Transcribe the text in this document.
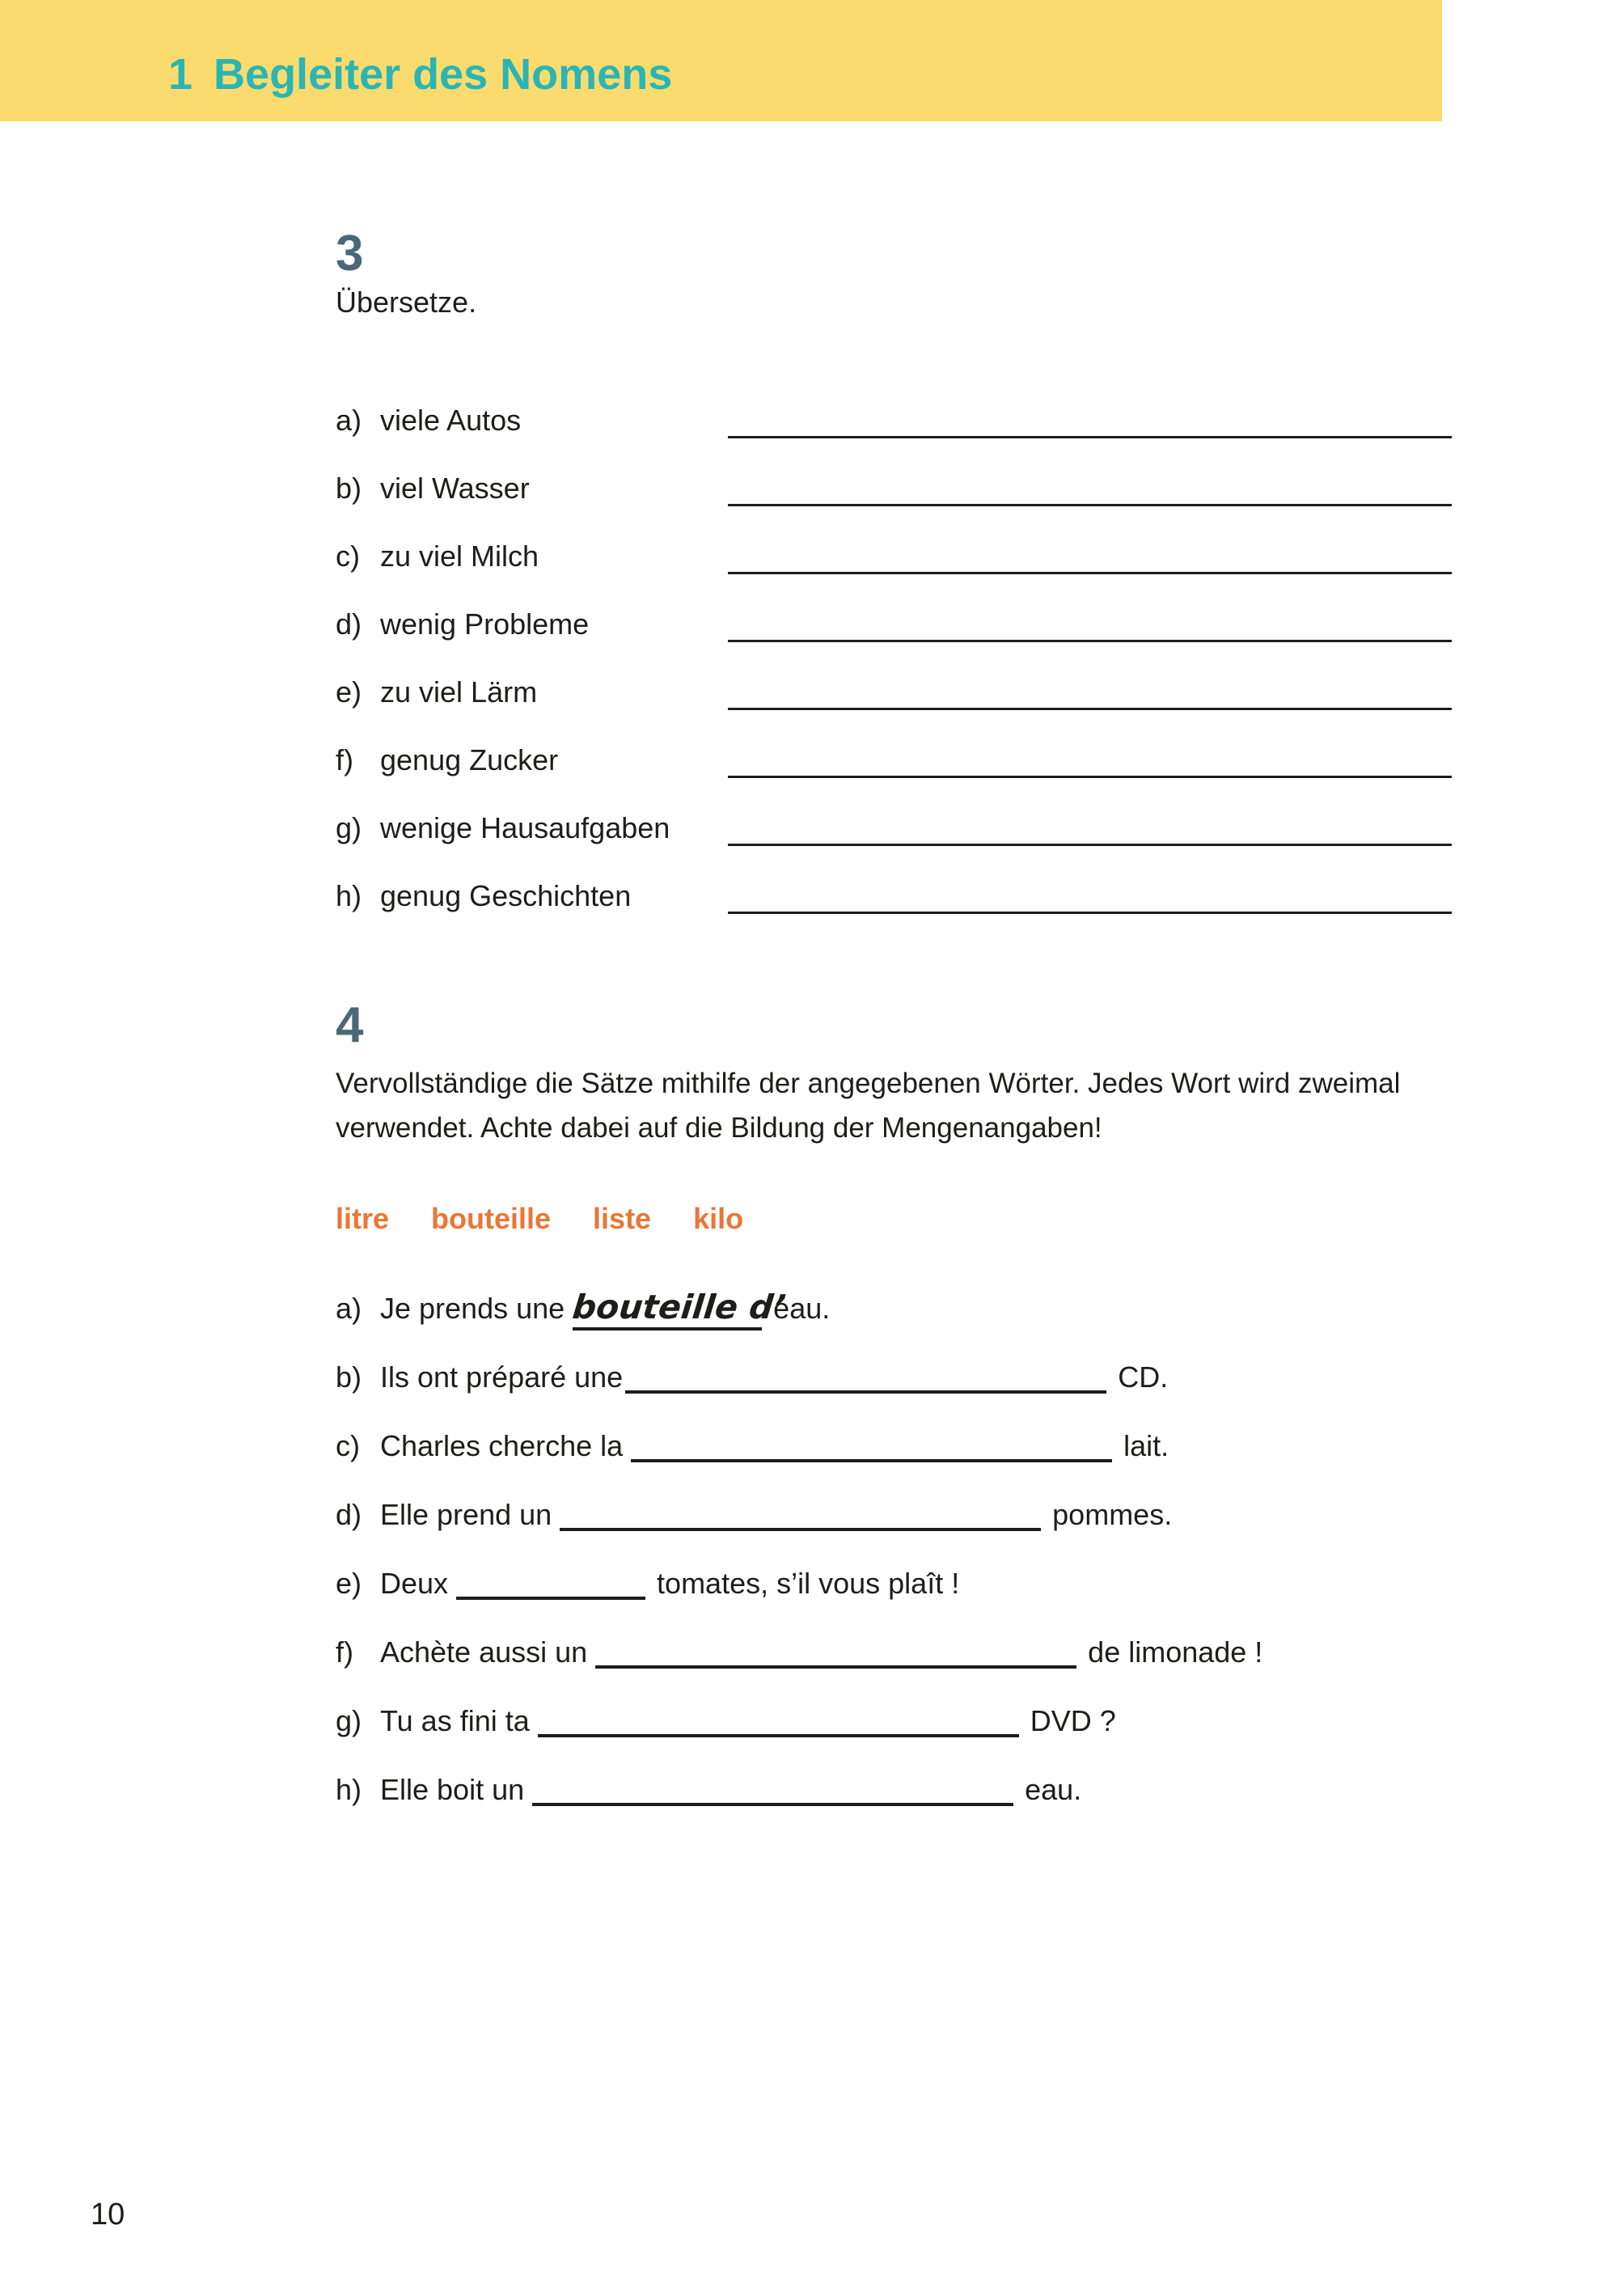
1 Begleiter des Nomens
3
Übersetze.
a) viele Autos
b) viel Wasser
c) zu viel Milch
d) wenig Probleme
e) zu viel Lärm
f) genug Zucker
g) wenige Hausaufgaben
h) genug Geschichten
4
Vervollständige die Sätze mithilfe der angegebenen Wörter. Jedes Wort wird zweimal verwendet. Achte dabei auf die Bildung der Mengenangaben!
litre bouteille liste kilo
a) Je prends une bouteille d’
eau.
b) Ils ont préparé une	CD.
c) Charles cherche la	lait.
d) Elle prend un	pommes.
e) Deux	tomates, s’il vous plaît !
f) Achète aussi un	de limonade !
g) Tu as fini ta	DVD ?
h) Elle boit un	eau.
10
